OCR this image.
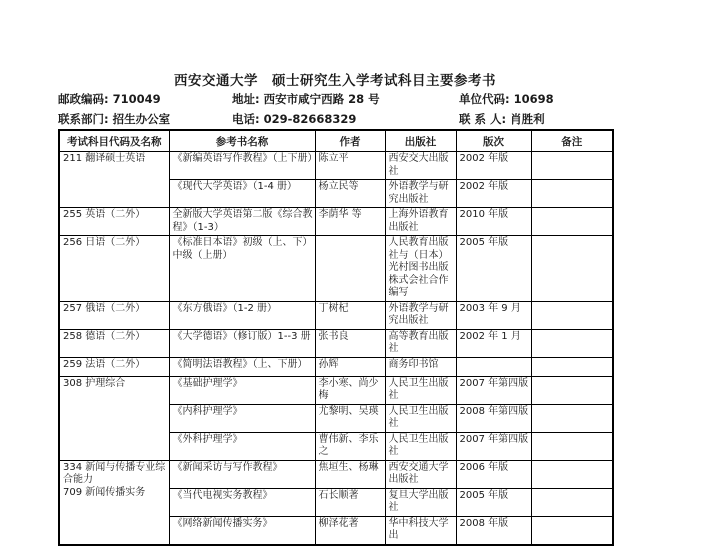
西安交通大学　硕士研究生入学考试科目主要参考书
邮政编码: 710049	地址: 西安市咸宁西路 28 号	单位代码: 10698
联系部门: 招生办公室	电话: 029-82668329	联 系 人: 肖胜利
考试科目代码及名称	参考书名称	作者	出版社	版次	备注
211 翻译硕士英语	《新编英语写作教程》（上下册）	陈立平	西安交大出版社	2002 年版	
	《现代大学英语》（1-4 册）	杨立民等	外语教学与研究出版社	2002 年版	
255 英语（二外）	全新版大学英语第二版《综合教程》（1-3）	李荫华 等	上海外语教育出版社	2010 年版	
256 日语（二外）	《标准日本语》初级（上、下）中级（上册）		人民教育出版社与（日本）光村图书出版株式会社合作编写	2005 年版	
257 俄语（二外）	《东方俄语》（1-2 册）	丁树杞	外语教学与研究出版社	2003 年 9 月	
258 德语（二外）	《大学德语》（修订版）1--3 册	张书良	高等教育出版社	2002 年 1 月	
259 法语（二外）	《简明法语教程》（上、下册）	孙辉	商务印书馆		
308 护理综合	《基础护理学》	李小寒、尚少梅	人民卫生出版社	2007 年第四版	
	《内科护理学》	尤黎明、吴瑛	人民卫生出版社	2008 年第四版	
	《外科护理学》	曹伟新、李乐之	人民卫生出版社	2007 年第四版	
334 新闻与传播专业综合能力
709 新闻传播实务	《新闻采访与写作教程》	焦垣生、杨琳	西安交通大学出版社	2006 年版	
	《当代电视实务教程》	石长顺著	复旦大学出版社	2005 年版	
	《网络新闻传播实务》	柳泽花著	华中科技大学出	2008 年版	
